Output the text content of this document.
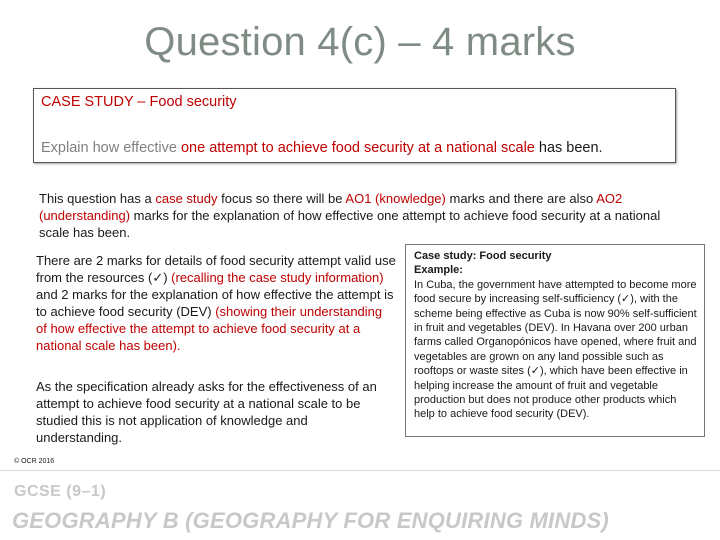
Question 4(c) – 4 marks
CASE STUDY – Food security
Explain how effective one attempt to achieve food security at a national scale has been.
This question has a case study focus so there will be AO1 (knowledge) marks and there are also AO2 (understanding) marks for the explanation of how effective one attempt to achieve food security at a national scale has been.

There are 2 marks for details of food security attempt valid use from the resources (✓) (recalling the case study information) and 2 marks for the explanation of how effective the attempt is to achieve food security (DEV) (showing their understanding of how effective the attempt to achieve food security at a national scale has been).

As the specification already asks for the effectiveness of an attempt to achieve food security at a national scale to be studied this is not application of knowledge and understanding.

Case study: Food security
Example:
In Cuba, the government have attempted to become more food secure by increasing self-sufficiency (✓), with the scheme being effective as Cuba is now 90% self-sufficient in fruit and vegetables (DEV). In Havana over 200 urban farms called Organopónicos have opened, where fruit and vegetables are grown on any land possible such as rooftops or waste sites (✓), which have been effective in helping increase the amount of fruit and vegetable production but does not produce other products which help to achieve food security (DEV).
© OCR 2016
GCSE (9–1)
GEOGRAPHY B (GEOGRAPHY FOR ENQUIRING MINDS)
